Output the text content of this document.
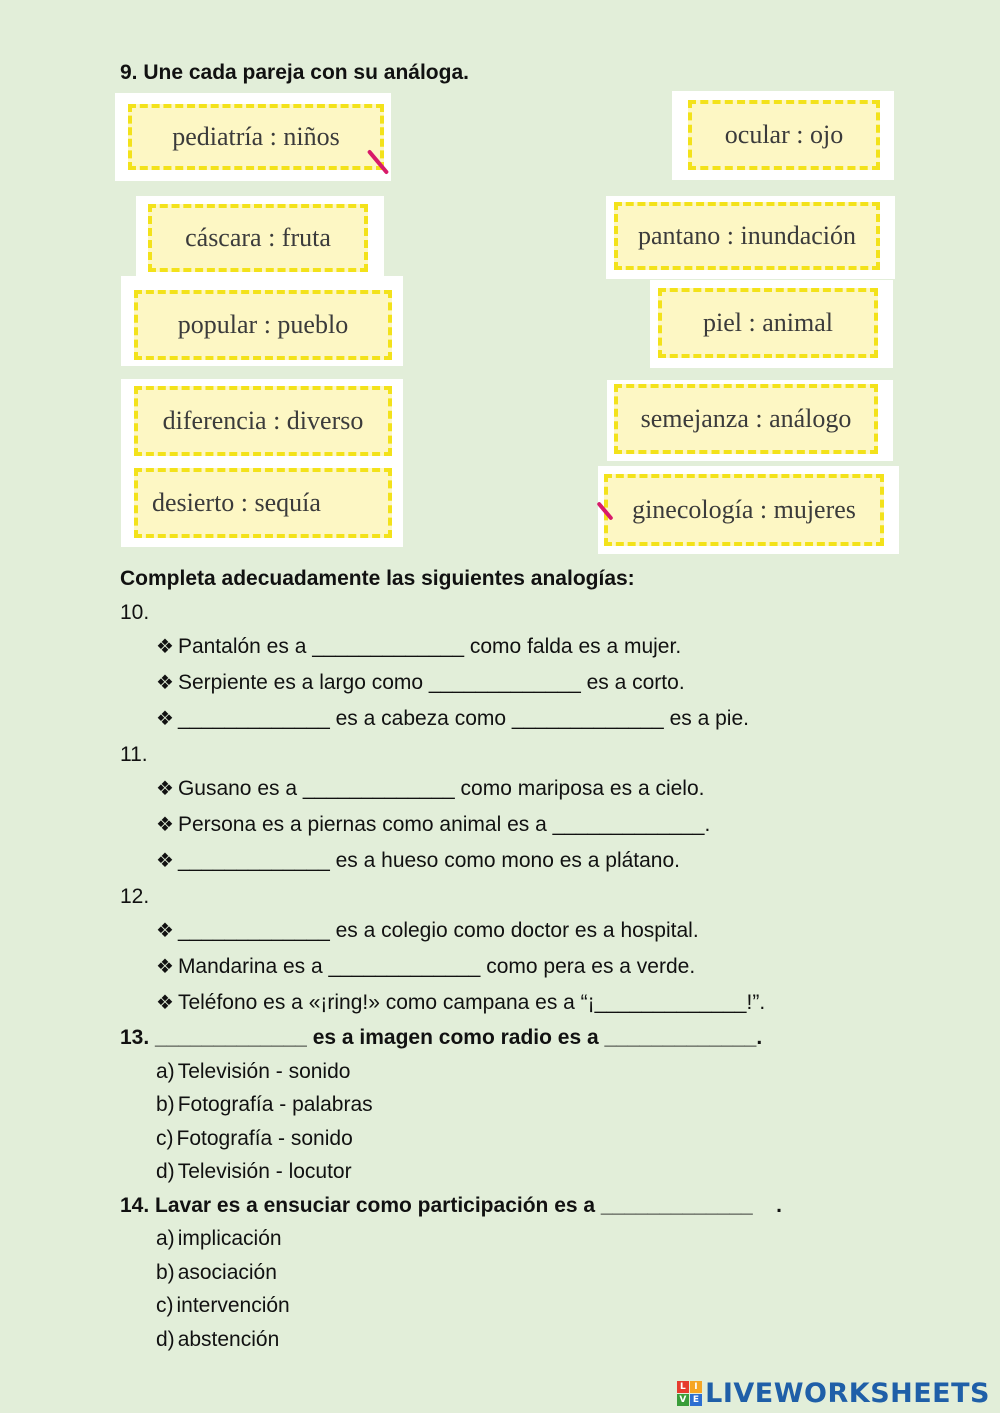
9. Une cada pareja con su análoga.
pediatría : niños
cáscara : fruta
popular : pueblo
diferencia : diverso
desierto : sequía
ocular : ojo
pantano : inundación
piel : animal
semejanza : análogo
ginecología : mujeres
Completa adecuadamente las siguientes analogías:
10.
❖ Pantalón es a _____________ como falda es a mujer.
❖ Serpiente es a largo como _____________ es a corto.
❖ _____________ es a cabeza como _____________ es a pie.
11.
❖ Gusano es a _____________ como mariposa es a cielo.
❖ Persona es a piernas como animal es a _____________.
❖ _____________ es a hueso como mono es a plátano.
12.
❖ _____________ es a colegio como doctor es a hospital.
❖ Mandarina es a _____________ como pera es a verde.
❖ Teléfono es a «¡ring!» como campana es a “¡_____________!”.
13. _____________ es a imagen como radio es a _____________.
a) Televisión - sonido
b) Fotografía - palabras
c) Fotografía - sonido
d) Televisión - locutor
14. Lavar es a ensuciar como participación es a _____________    .
a) implicación
b) asociación
c) intervención
d) abstención
L I
V E LIVEWORKSHEETS
